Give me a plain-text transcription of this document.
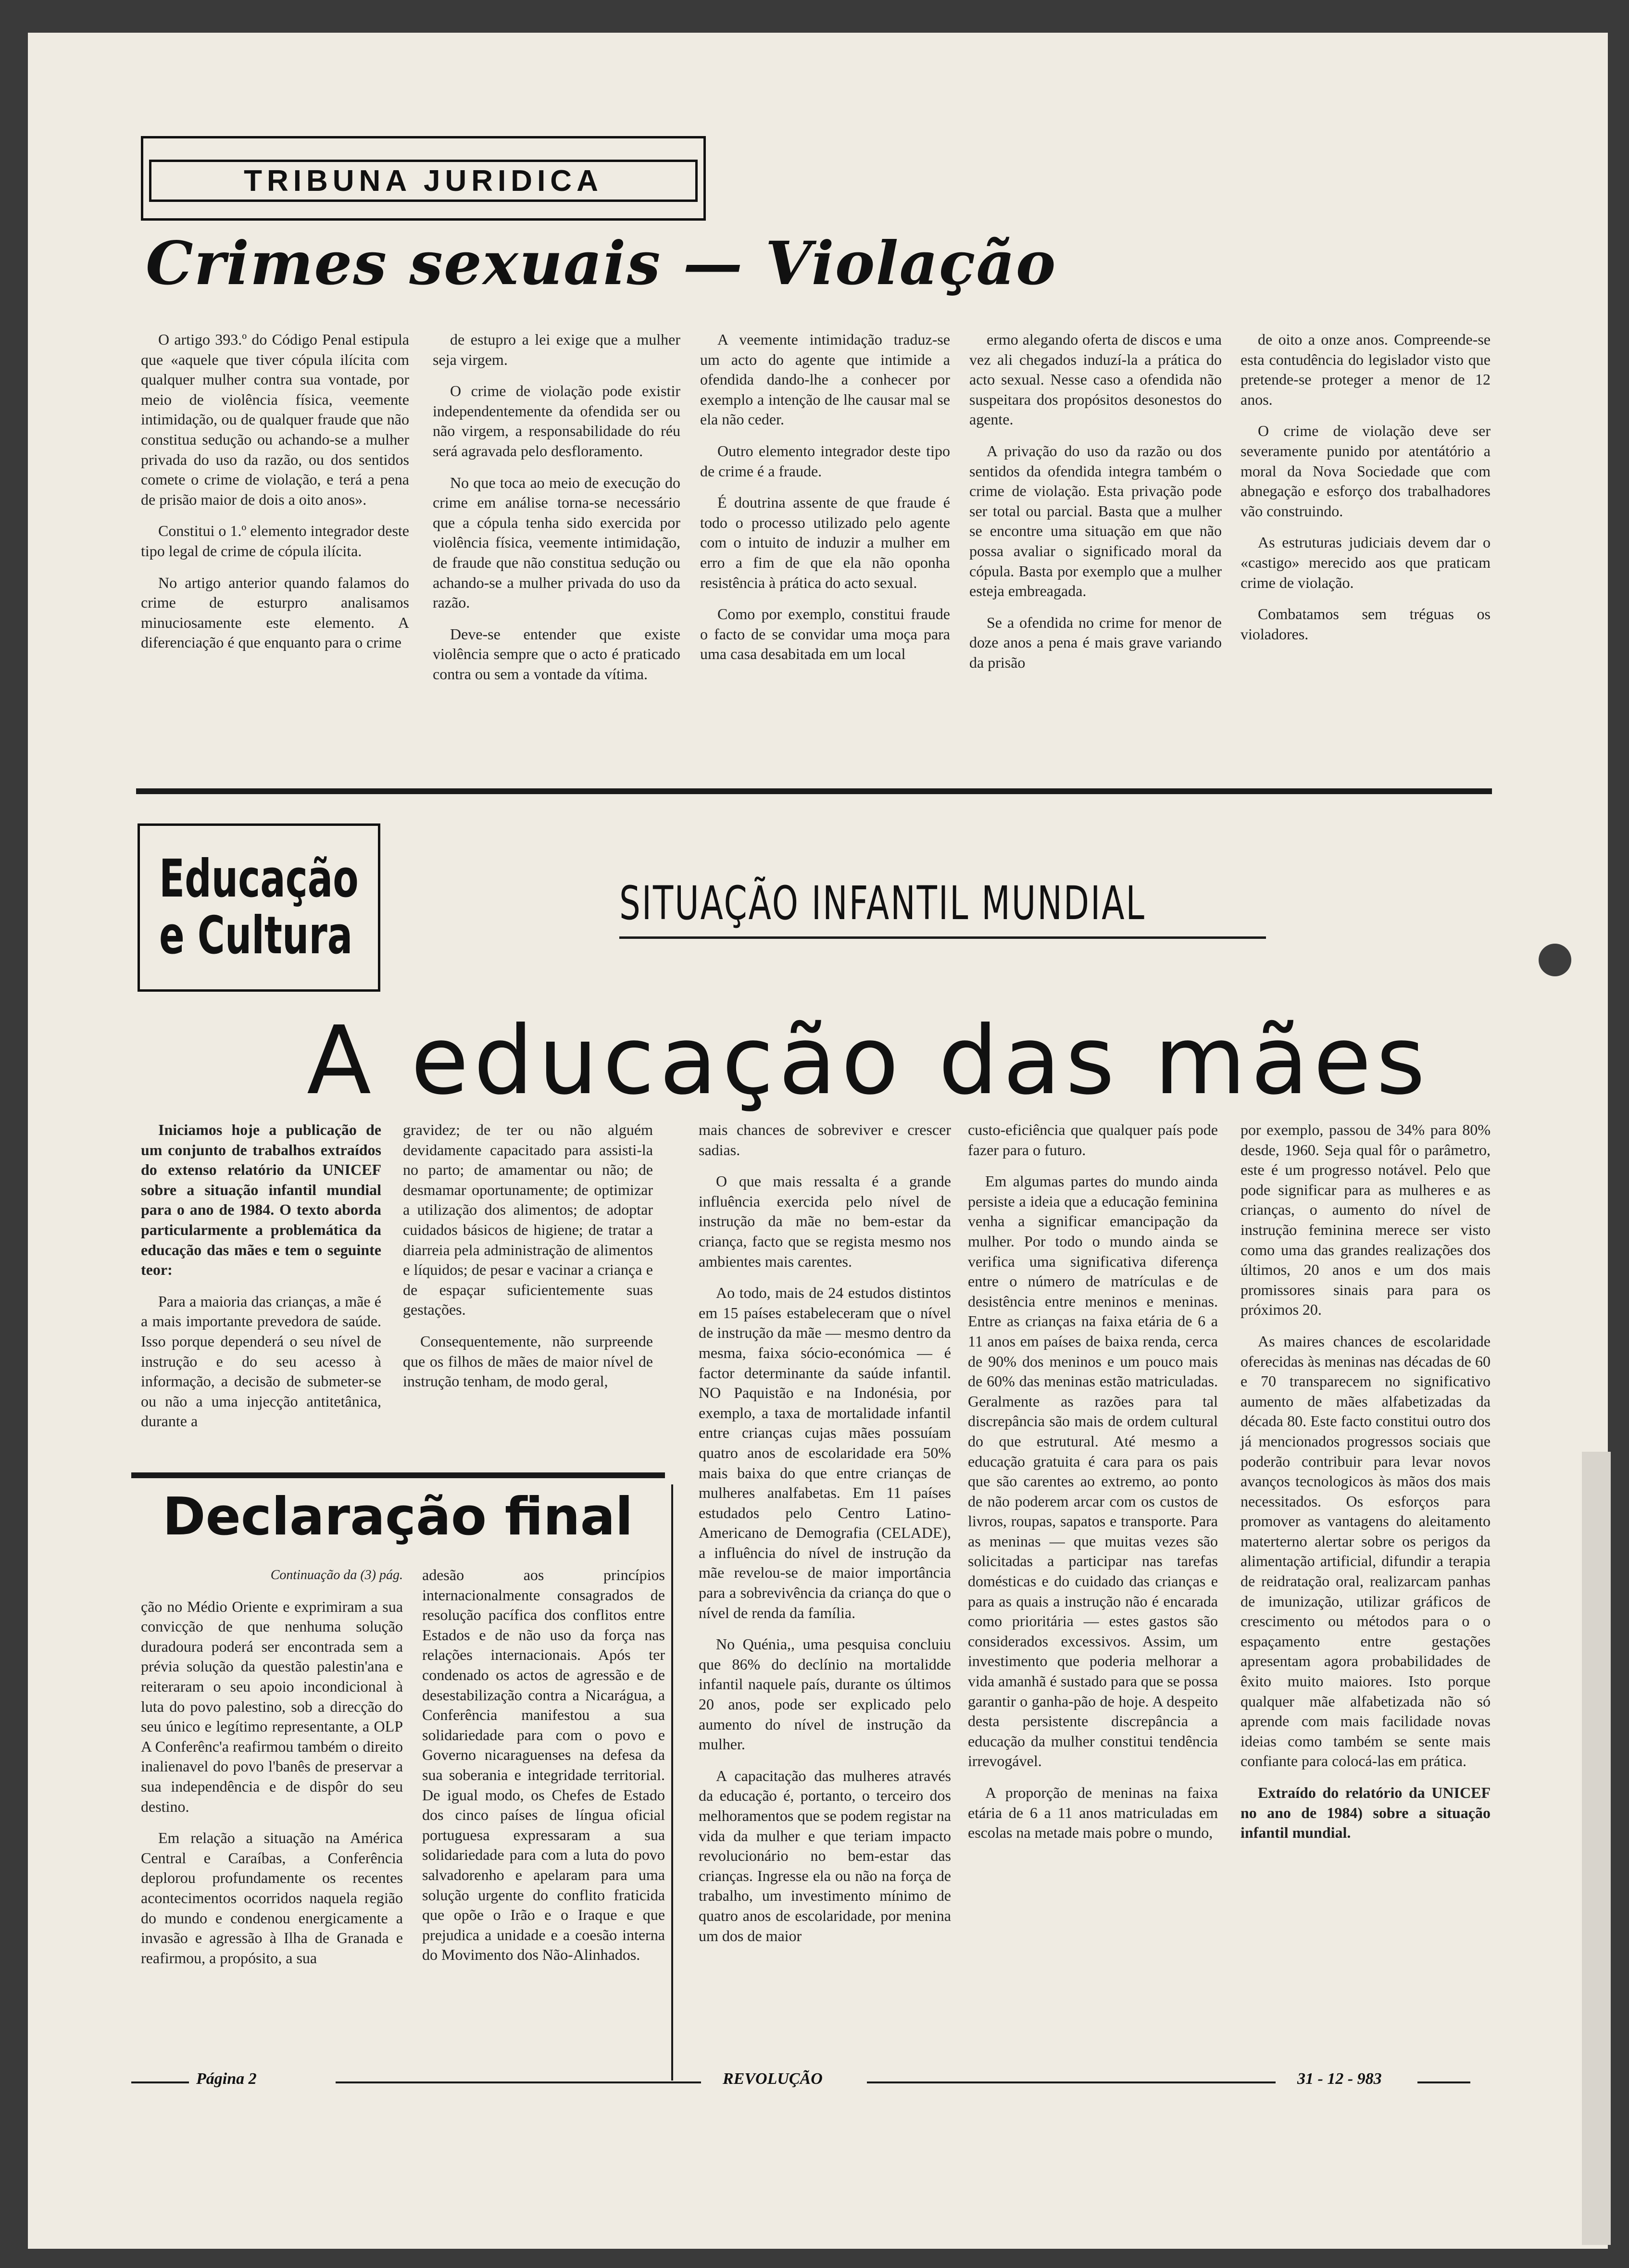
TRIBUNA JURIDICA
Crimes sexuais — Violação

O artigo 393.º do Código Penal estipula que «aquele que tiver cópula ilícita com qualquer mulher contra sua vontade, por meio de violência física, veemente intimidação, ou de qualquer fraude que não constitua sedução ou achando-se a mulher privada do uso da razão, ou dos sentidos comete o crime de violação, e terá a pena de prisão maior de dois a oito anos».

Constitui o 1.º elemento integrador deste tipo legal de crime de cópula ilícita.

No artigo anterior quando falamos do crime de esturpro analisamos minuciosamente este elemento. A diferenciação é que enquanto para o crime

de estupro a lei exige que a mulher seja virgem.

O crime de violação pode existir independentemente da ofendida ser ou não virgem, a responsabilidade do réu será agravada pelo desfloramento.

No que toca ao meio de execução do crime em análise torna-se necessário que a cópula tenha sido exercida por violência física, veemente intimidação, de fraude que não constitua sedução ou achando-se a mulher privada do uso da razão.

Deve-se entender que existe violência sempre que o acto é praticado contra ou sem a vontade da vítima.

A veemente intimidação traduz-se um acto do agente que intimide a ofendida dando-lhe a conhecer por exemplo a intenção de lhe causar mal se ela não ceder.

Outro elemento integrador deste tipo de crime é a fraude.

É doutrina assente de que fraude é todo o processo utilizado pelo agente com o intuito de induzir a mulher em erro a fim de que ela não oponha resistência à prática do acto sexual.

Como por exemplo, constitui fraude o facto de se convidar uma moça para uma casa desabitada em um local

ermo alegando oferta de discos e uma vez ali chegados induzí-la a prática do acto sexual. Nesse caso a ofendida não suspeitara dos propósitos desonestos do agente.

A privação do uso da razão ou dos sentidos da ofendida integra também o crime de violação. Esta privação pode ser total ou parcial. Basta que a mulher se encontre uma situação em que não possa avaliar o significado moral da cópula. Basta por exemplo que a mulher esteja embreagada.

Se a ofendida no crime for menor de doze anos a pena é mais grave variando da prisão

de oito a onze anos. Compreende-se esta contudência do legislador visto que pretende-se proteger a menor de 12 anos.

O crime de violação deve ser severamente punido por atentátório a moral da Nova Sociedade que com abnegação e esforço dos trabalhadores vão construindo.

As estruturas judiciais devem dar o «castigo» merecido aos que praticam crime de violação.

Combatamos sem tréguas os violadores.

Educação
e Cultura
SITUAÇÃO INFANTIL MUNDIAL
A educação das mães

Iniciamos hoje a publicação de um conjunto de trabalhos extraídos do extenso relatório da UNICEF sobre a situação infantil mundial para o ano de 1984. O texto aborda particularmente a problemática da educação das mães e tem o seguinte teor:

Para a maioria das crianças, a mãe é a mais importante prevedora de saúde. Isso porque dependerá o seu nível de instrução e do seu acesso à informação, a decisão de submeter-se ou não a uma injecção antitetânica, durante a

gravidez; de ter ou não alguém devidamente capacitado para assisti-la no parto; de amamentar ou não; de desmamar oportunamente; de optimizar a utilização dos alimentos; de adoptar cuidados básicos de higiene; de tratar a diarreia pela administração de alimentos e líquidos; de pesar e vacinar a criança e de espaçar suficientemente suas gestações.

Consequentemente, não surpreende que os filhos de mães de maior nível de instrução tenham, de modo geral,

mais chances de sobreviver e crescer sadias.

O que mais ressalta é a grande influência exercida pelo nível de instrução da mãe no bem-estar da criança, facto que se regista mesmo nos ambientes mais carentes.

Ao todo, mais de 24 estudos distintos em 15 países estabeleceram que o nível de instrução da mãe — mesmo dentro da mesma, faixa sócio-económica — é factor determinante da saúde infantil. NO Paquistão e na Indonésia, por exemplo, a taxa de mortalidade infantil entre crianças cujas mães possuíam quatro anos de escolaridade era 50% mais baixa do que entre crianças de mulheres analfabetas. Em 11 países estudados pelo Centro Latino-Americano de Demografia (CELADE), a influência do nível de instrução da mãe revelou-se de maior importância para a sobrevivência da criança do que o nível de renda da família.

No Quénia,, uma pesquisa concluiu que 86% do declínio na mortalidde infantil naquele país, durante os últimos 20 anos, pode ser explicado pelo aumento do nível de instrução da mulher.

A capacitação das mulheres através da educação é, portanto, o terceiro dos melhoramentos que se podem registar na vida da mulher e que teriam impacto revolucionário no bem-estar das crianças. Ingresse ela ou não na força de trabalho, um investimento mínimo de quatro anos de escolaridade, por menina um dos de maior

custo-eficiência que qualquer país pode fazer para o futuro.

Em algumas partes do mundo ainda persiste a ideia que a educação feminina venha a significar emancipação da mulher. Por todo o mundo ainda se verifica uma significativa diferença entre o número de matrículas e de desistência entre meninos e meninas. Entre as crianças na faixa etária de 6 a 11 anos em países de baixa renda, cerca de 90% dos meninos e um pouco mais de 60% das meninas estão matriculadas. Geralmente as razões para tal discrepância são mais de ordem cultural do que estrutural. Até mesmo a educação gratuita é cara para os pais que são carentes ao extremo, ao ponto de não poderem arcar com os custos de livros, roupas, sapatos e transporte. Para as meninas — que muitas vezes são solicitadas a participar nas tarefas domésticas e do cuidado das crianças e para as quais a instrução não é encarada como prioritária — estes gastos são considerados excessivos. Assim, um investimento que poderia melhorar a vida amanhã é sustado para que se possa garantir o ganha-pão de hoje. A despeito desta persistente discrepância a educação da mulher constitui tendência irrevogável.

A proporção de meninas na faixa etária de 6 a 11 anos matriculadas em escolas na metade mais pobre o mundo,

por exemplo, passou de 34% para 80% desde, 1960. Seja qual fôr o parâmetro, este é um progresso notável. Pelo que pode significar para as mulheres e as crianças, o aumento do nível de instrução feminina merece ser visto como uma das grandes realizações dos últimos, 20 anos e um dos mais promissores sinais para para os próximos 20.

As maires chances de escolaridade oferecidas às meninas nas décadas de 60 e 70 transparecem no significativo aumento de mães alfabetizadas da década 80. Este facto constitui outro dos já mencionados progressos sociais que poderão contribuir para levar novos avanços tecnologicos às mãos dos mais necessitados. Os esforços para promover as vantagens do aleitamento materterno alertar sobre os perigos da alimentação artificial, difundir a terapia de reidratação oral, realizarcam panhas de imunização, utilizar gráficos de crescimento ou métodos para o o espaçamento entre gestações apresentam agora probabilidades de êxito muito maiores. Isto porque qualquer mãe alfabetizada não só aprende com mais facilidade novas ideias como também se sente mais confiante para colocá-las em prática.

Extraído do relatório da UNICEF no ano de 1984) sobre a situação infantil mundial.

Declaração final

Continuação da (3) pág.

ção no Médio Oriente e exprimiram a sua convicção de que nenhuma solução duradoura poderá ser encontrada sem a prévia solução da questão palestin'ana e reiteraram o seu apoio incondicional à luta do povo palestino, sob a direcção do seu único e legítimo representante, a OLP A Conferênc'a reafirmou também o direito inalienavel do povo l'banês de preservar a sua independência e de dispôr do seu destino.

Em relação a situação na América Central e Caraíbas, a Conferência deplorou profundamente os recentes acontecimentos ocorridos naquela região do mundo e condenou energicamente a invasão e agressão à Ilha de Granada e reafirmou, a propósito, a sua

adesão aos princípios internacionalmente consagrados de resolução pacífica dos conflitos entre Estados e de não uso da força nas relações internacionais. Após ter condenado os actos de agressão e de desestabilização contra a Nicarágua, a Conferência manifestou a sua solidariedade para com o povo e Governo nicaraguenses na defesa da sua soberania e integridade territorial. De igual modo, os Chefes de Estado dos cinco países de língua oficial portuguesa expressaram a sua solidariedade para com a luta do povo salvadorenho e apelaram para uma solução urgente do conflito fraticida que opõe o Irão e o Iraque e que prejudica a unidade e a coesão interna do Movimento dos Não-Alinhados.

Página 2	REVOLUÇÃO	31 - 12 - 983
